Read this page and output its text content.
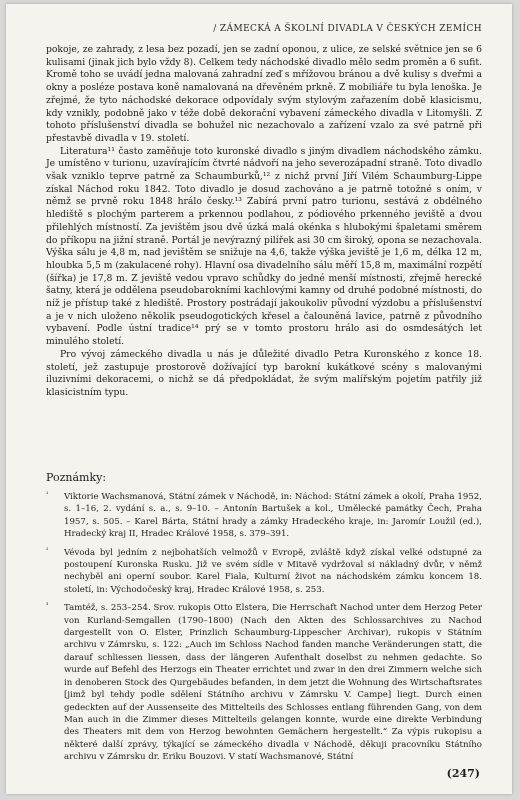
/ ZÁMECKÁ A ŠKOLNÍ DIVADLA V ČESKÝCH ZEMÍCH

pokoje, ze zahrady, z lesa bez pozadí, jen se zadní oponou, z ulice, ze selské světnice jen se 6 kulisami (jinak jich bylo vždy 8). Celkem tedy náchodské divadlo mělo sedm proměn a 6 sufit. Kromě toho se uvádí jedna malovaná zahradní zeď s mřížovou bránou a dvě kulisy s dveřmi a okny a posléze postava koně namalovaná na dřevěném prkně. Z mobiliáře tu byla lenoška. Je zřejmé, že tyto náchodské dekorace odpovídaly svým stylovým zařazením době klasicismu, kdy vznikly, podobně jako v téže době dekorační vybavení zámeckého divadla v Litomyšli. Z tohoto příslušenství divadla se bohužel nic nezachovalo a zařízení vzalo za své patrně při přestavbě divadla v 19. století.

Literatura¹¹ často zaměňuje toto kuronské divadlo s jiným divadlem náchodského zámku. Je umístěno v turionu, uzavírajícím čtvrté nádvoří na jeho severozápadní straně. Toto divadlo však vzniklo teprve patrně za Schaumburků,¹² z nichž první Jiří Vilém Schaumburg-Lippe získal Náchod roku 1842. Toto divadlo je dosud zachováno a je patrně totožné s oním, v němž se prvně roku 1848 hrálo česky.¹³ Zabírá první patro turionu, sestává z obdélného hlediště s plochým parterem a prkennou podlahou, z pódiového prkenného jeviště a dvou přilehlých místností. Za jevištěm jsou dvě úzká malá okénka s hlubokými špaletami směrem do příkopu na jižní straně. Portál je nevýrazný pilířek asi 30 cm široký, opona se nezachovala. Výška sálu je 4,8 m, nad jevištěm se snižuje na 4,6, takže výška jeviště je 1,6 m, délka 12 m, hloubka 5,5 m (zakulacené rohy). Hlavní osa divadelního sálu měří 15,8 m, maximální rozpětí (šířka) je 17,8 m. Z jeviště vedou vpravo schůdky do jedné menší místnosti, zřejmě herecké šatny, která je oddělena pseudobarokními kachlovými kamny od druhé podobné místnosti, do níž je přístup také z hlediště. Prostory postrádají jakoukoliv původní výzdobu a příslušenství a je v nich uloženo několik pseudogotických křesel a čalouněná lavice, patrně z původního vybavení. Podle ústní tradice¹⁴ prý se v tomto prostoru hrálo asi do osmdesátých let minulého století.

Pro vývoj zámeckého divadla u nás je důležité divadlo Petra Kuronského z konce 18. století, jež zastupuje prostorově dožívající typ barokní kukátkové scény s malovanými iluzivními dekoracemi, o nichž se dá předpokládat, že svým malířským pojetím patřily již klasicistním typu.

Poznámky:
¹ Viktorie Wachsmanová, Státní zámek v Náchodě, in: Náchod: Státní zámek a okolí, Praha 1952, s. 1–16, 2. vydání s. a., s. 9–10. – Antonín Bartušek a kol., Umělecké památky Čech, Praha 1957, s. 505. – Karel Bárta, Státní hrady a zámky Hradeckého kraje, in: Jaromír Loužil (ed.), Hradecký kraj II, Hradec Králové 1958, s. 379–391.
² Vévoda byl jedním z nejbohatších velmožů v Evropě, zvláště když získal velké odstupné za postoupení Kuronska Rusku. Již ve svém sídle v Mitavě vydržoval si nákladný dvůr, v němž nechyběl ani operní soubor. Karel Fiala, Kulturní život na náchodském zámku koncem 18. století, in: Východočeský kraj, Hradec Králové 1958, s. 253.
³ Tamtéž, s. 253–254. Srov. rukopis Otto Elstera, Die Herrschaft Nachod unter dem Herzog Peter von Kurland-Semgallen (1790–1800) (Nach den Akten des Schlossarchives zu Nachod dargestellt von O. Elster, Prinzlich Schaumburg-Lippescher Archivar), rukopis v Státním archivu v Zámrsku, s. 122: „Auch im Schloss Nachod fanden manche Veränderungen statt, die darauf schliessen liessen, dass der längeren Aufenthalt doselbst zu nehmen gedachte. So wurde auf Befehl des Herzogs ein Theater errichtet und zwar in den drei Zimmern welche sich in denoberen Stock des Qurgebäudes befanden, in dem jetzt die Wohnung des Wirtschaftsrates [jimž byl tehdy podle sdělení Státního archivu v Zámrsku V. Campe] liegt. Durch einen gedeckten auf der Aussenseite des Mittelteils des Schlosses entlang führenden Gang, von dem Man auch in die Zimmer dieses Mittelteils gelangen konnte, wurde eine direkte Verbindung des Theaters mit dem von Herzog bewohnten Gemächern hergestellt.“ Za výpis rukopisu a některé další zprávy, týkající se zámeckého divadla v Náchodě, děkuji pracovníku Státního archivu v Zámrsku dr. Eriku Bouzovi. V statí Wachsmanové, Státní
(247)
